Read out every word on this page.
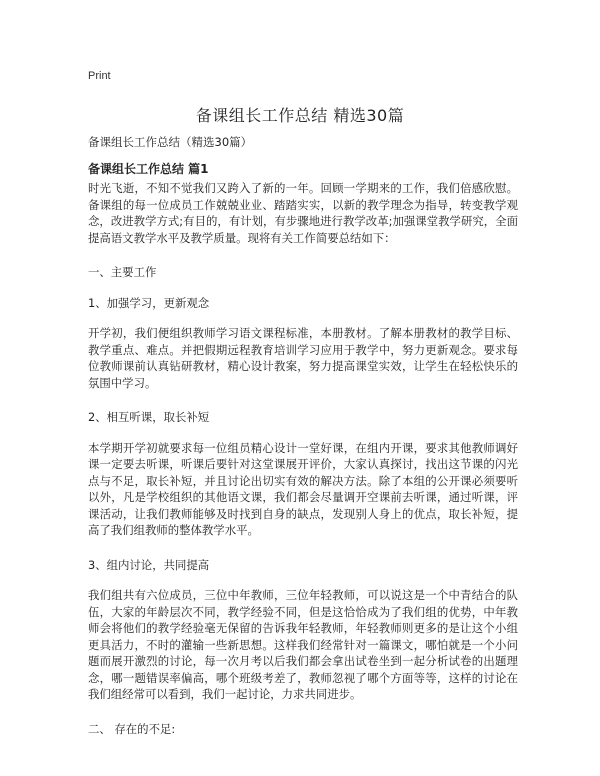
Print
备课组长工作总结 精选30篇

备课组长工作总结（精选30篇）

备课组长工作总结 篇1

时光飞逝，不知不觉我们又跨入了新的一年。回顾一学期来的工作，我们倍感欣慰。备课组的每一位成员工作兢兢业业、踏踏实实，以新的教学理念为指导，转变教学观念，改进教学方式;有目的，有计划，有步骤地进行教学改革;加强课堂教学研究，全面提高语文教学水平及教学质量。现将有关工作简要总结如下：

一、主要工作

1、加强学习，更新观念

开学初，我们便组织教师学习语文课程标准，本册教材。了解本册教材的教学目标、教学重点、难点。并把假期远程教育培训学习应用于教学中，努力更新观念。要求每位教师课前认真钻研教材，精心设计教案，努力提高课堂实效，让学生在轻松快乐的氛围中学习。

2、相互听课，取长补短

本学期开学初就要求每一位组员精心设计一堂好课，在组内开课，要求其他教师调好课一定要去听课，听课后要针对这堂课展开评价，大家认真探讨，找出这节课的闪光点与不足，取长补短，并且讨论出切实有效的解决方法。除了本组的公开课必须要听以外，凡是学校组织的其他语文课，我们都会尽量调开空课前去听课，通过听课，评课活动，让我们教师能够及时找到自身的缺点，发现别人身上的优点，取长补短，提高了我们组教师的整体教学水平。

3、组内讨论，共同提高

我们组共有六位成员，三位中年教师，三位年轻教师，可以说这是一个中青结合的队伍，大家的年龄层次不同，教学经验不同，但是这恰恰成为了我们组的优势，中年教师会将他们的教学经验毫无保留的告诉我年轻教师，年轻教师则更多的是让这个小组更具活力，不时的灌输一些新思想。这样我们经常针对一篇课文，哪怕就是一个小问题而展开激烈的讨论，每一次月考以后我们都会拿出试卷坐到一起分析试卷的出题理念，哪一题错误率偏高，哪个班级考差了，教师忽视了哪个方面等等，这样的讨论在我们组经常可以看到，我们一起讨论，力求共同进步。

二、 存在的不足:
